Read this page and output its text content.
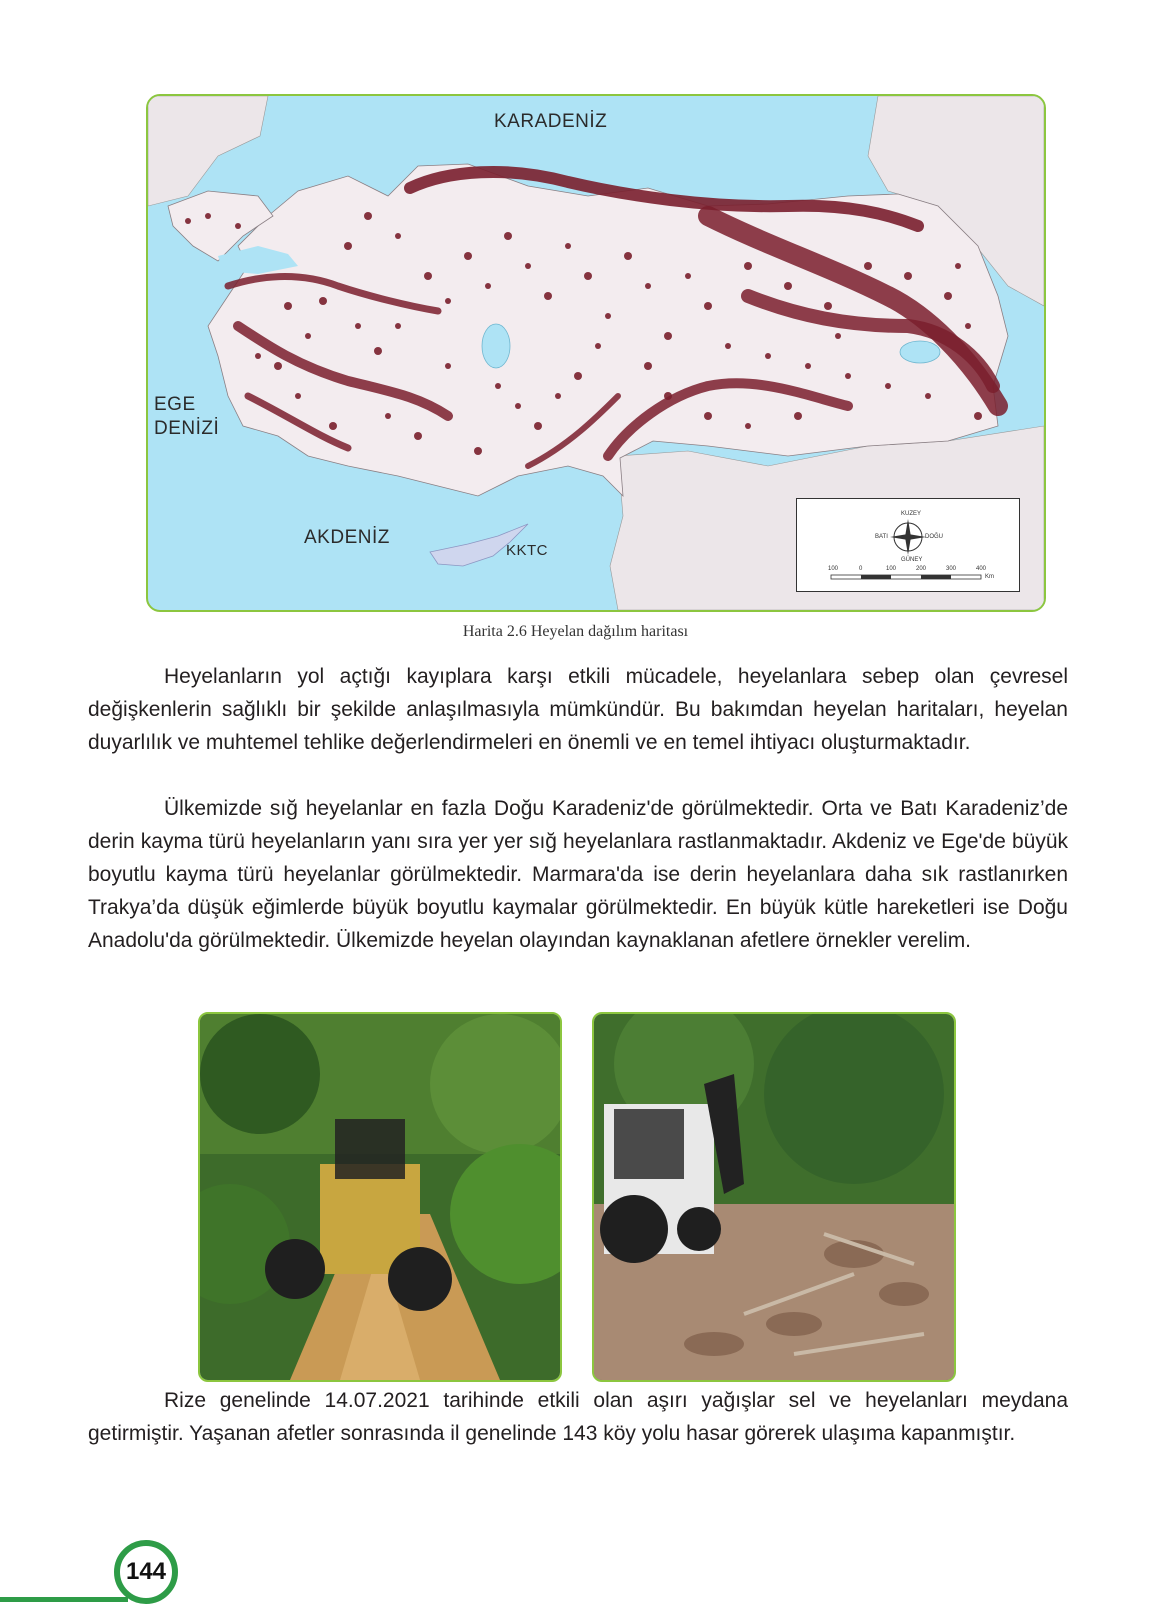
KARADENİZ
EGE
DENİZİ
AKDENİZ
KKTC
KUZEY
GÜNEY
DOĞU
BATI
100	0	100	200	300	400
Km
Harita 2.6 Heyelan dağılım haritası

Heyelanların yol açtığı kayıplara karşı etkili mücadele, heyelanlara sebep olan çevresel değişkenlerin sağlıklı bir şekilde anlaşılmasıyla mümkündür. Bu bakımdan heyelan haritaları, heyelan duyarlılık ve muhtemel tehlike değerlendirmeleri en önemli ve en temel ihtiyacı oluşturmaktadır.

Ülkemizde sığ heyelanlar en fazla Doğu Karadeniz'de görülmektedir. Orta ve Batı Karadeniz’de derin kayma türü heyelanların yanı sıra yer yer sığ heyelanlara rastlanmaktadır. Akdeniz ve Ege'de büyük boyutlu kayma türü heyelanlar görülmektedir. Marmara'da ise derin heyelanlara daha sık rastlanırken Trakya’da düşük eğimlerde büyük boyutlu kaymalar görülmektedir. En büyük kütle hareketleri ise Doğu Anadolu'da görülmektedir. Ülkemizde heyelan olayından kaynaklanan afetlere örnekler verelim.

Rize genelinde 14.07.2021 tarihinde etkili olan aşırı yağışlar sel ve heyelanları meydana getirmiştir. Yaşanan afetler sonrasında il genelinde 143 köy yolu hasar görerek ulaşıma kapanmıştır.

144
